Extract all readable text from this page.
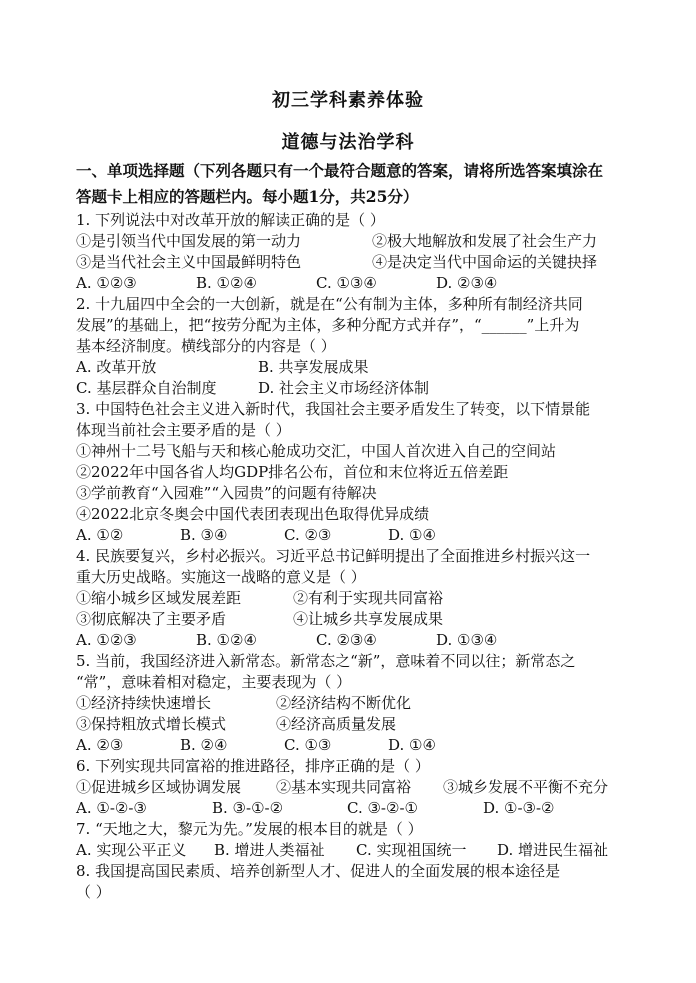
初三学科素养体验
道德与法治学科
一、单项选择题（下列各题只有一个最符合题意的答案，请将所选答案填涂在
答题卡上相应的答题栏内。每小题1分，共25分）
1. 下列说法中对改革开放的解读正确的是（ ）
①是引领当代中国发展的第一动力	②极大地解放和发展了社会生产力
③是当代社会主义中国最鲜明特色	④是决定当代中国命运的关键抉择
A. ①②③	B. ①②④	C. ①③④	D. ②③④
2. 十九届四中全会的一大创新，就是在“公有制为主体，多种所有制经济共同
发展”的基础上，把“按劳分配为主体，多种分配方式并存”，“______”上升为
基本经济制度。横线部分的内容是（ ）
A. 改革开放	B. 共享发展成果
C. 基层群众自治制度	D. 社会主义市场经济体制
3. 中国特色社会主义进入新时代，我国社会主要矛盾发生了转变，以下情景能
体现当前社会主要矛盾的是（ ）
①神州十二号飞船与天和核心舱成功交汇，中国人首次进入自己的空间站
②2022年中国各省人均GDP排名公布，首位和末位将近五倍差距
③学前教育“入园难”“入园贵”的问题有待解决
④2022北京冬奥会中国代表团表现出色取得优异成绩
A. ①②	B. ③④	C. ②③	D. ①④
4. 民族要复兴，乡村必振兴。习近平总书记鲜明提出了全面推进乡村振兴这一
重大历史战略。实施这一战略的意义是（ ）
①缩小城乡区域发展差距	②有利于实现共同富裕
③彻底解决了主要矛盾	④让城乡共享发展成果
A. ①②③	B. ①②④	C. ②③④	D. ①③④
5. 当前，我国经济进入新常态。新常态之“新”，意味着不同以往；新常态之
“常”，意味着相对稳定，主要表现为（ ）
①经济持续快速增长	②经济结构不断优化
③保持粗放式增长模式	④经济高质量发展
A. ②③	B. ②④	C. ①③	D. ①④
6. 下列实现共同富裕的推进路径，排序正确的是（ ）
①促进城乡区域协调发展 ②基本实现共同富裕 ③城乡发展不平衡不充分
A. ①-②-③	B. ③-①-②	C. ③-②-①	D. ①-③-②
7. “天地之大，黎元为先。”发展的根本目的就是（ ）
A. 实现公平正义 B. 增进人类福祉 C. 实现祖国统一 D. 增进民生福祉
8. 我国提高国民素质、培养创新型人才、促进人的全面发展的根本途径是
（ ）
